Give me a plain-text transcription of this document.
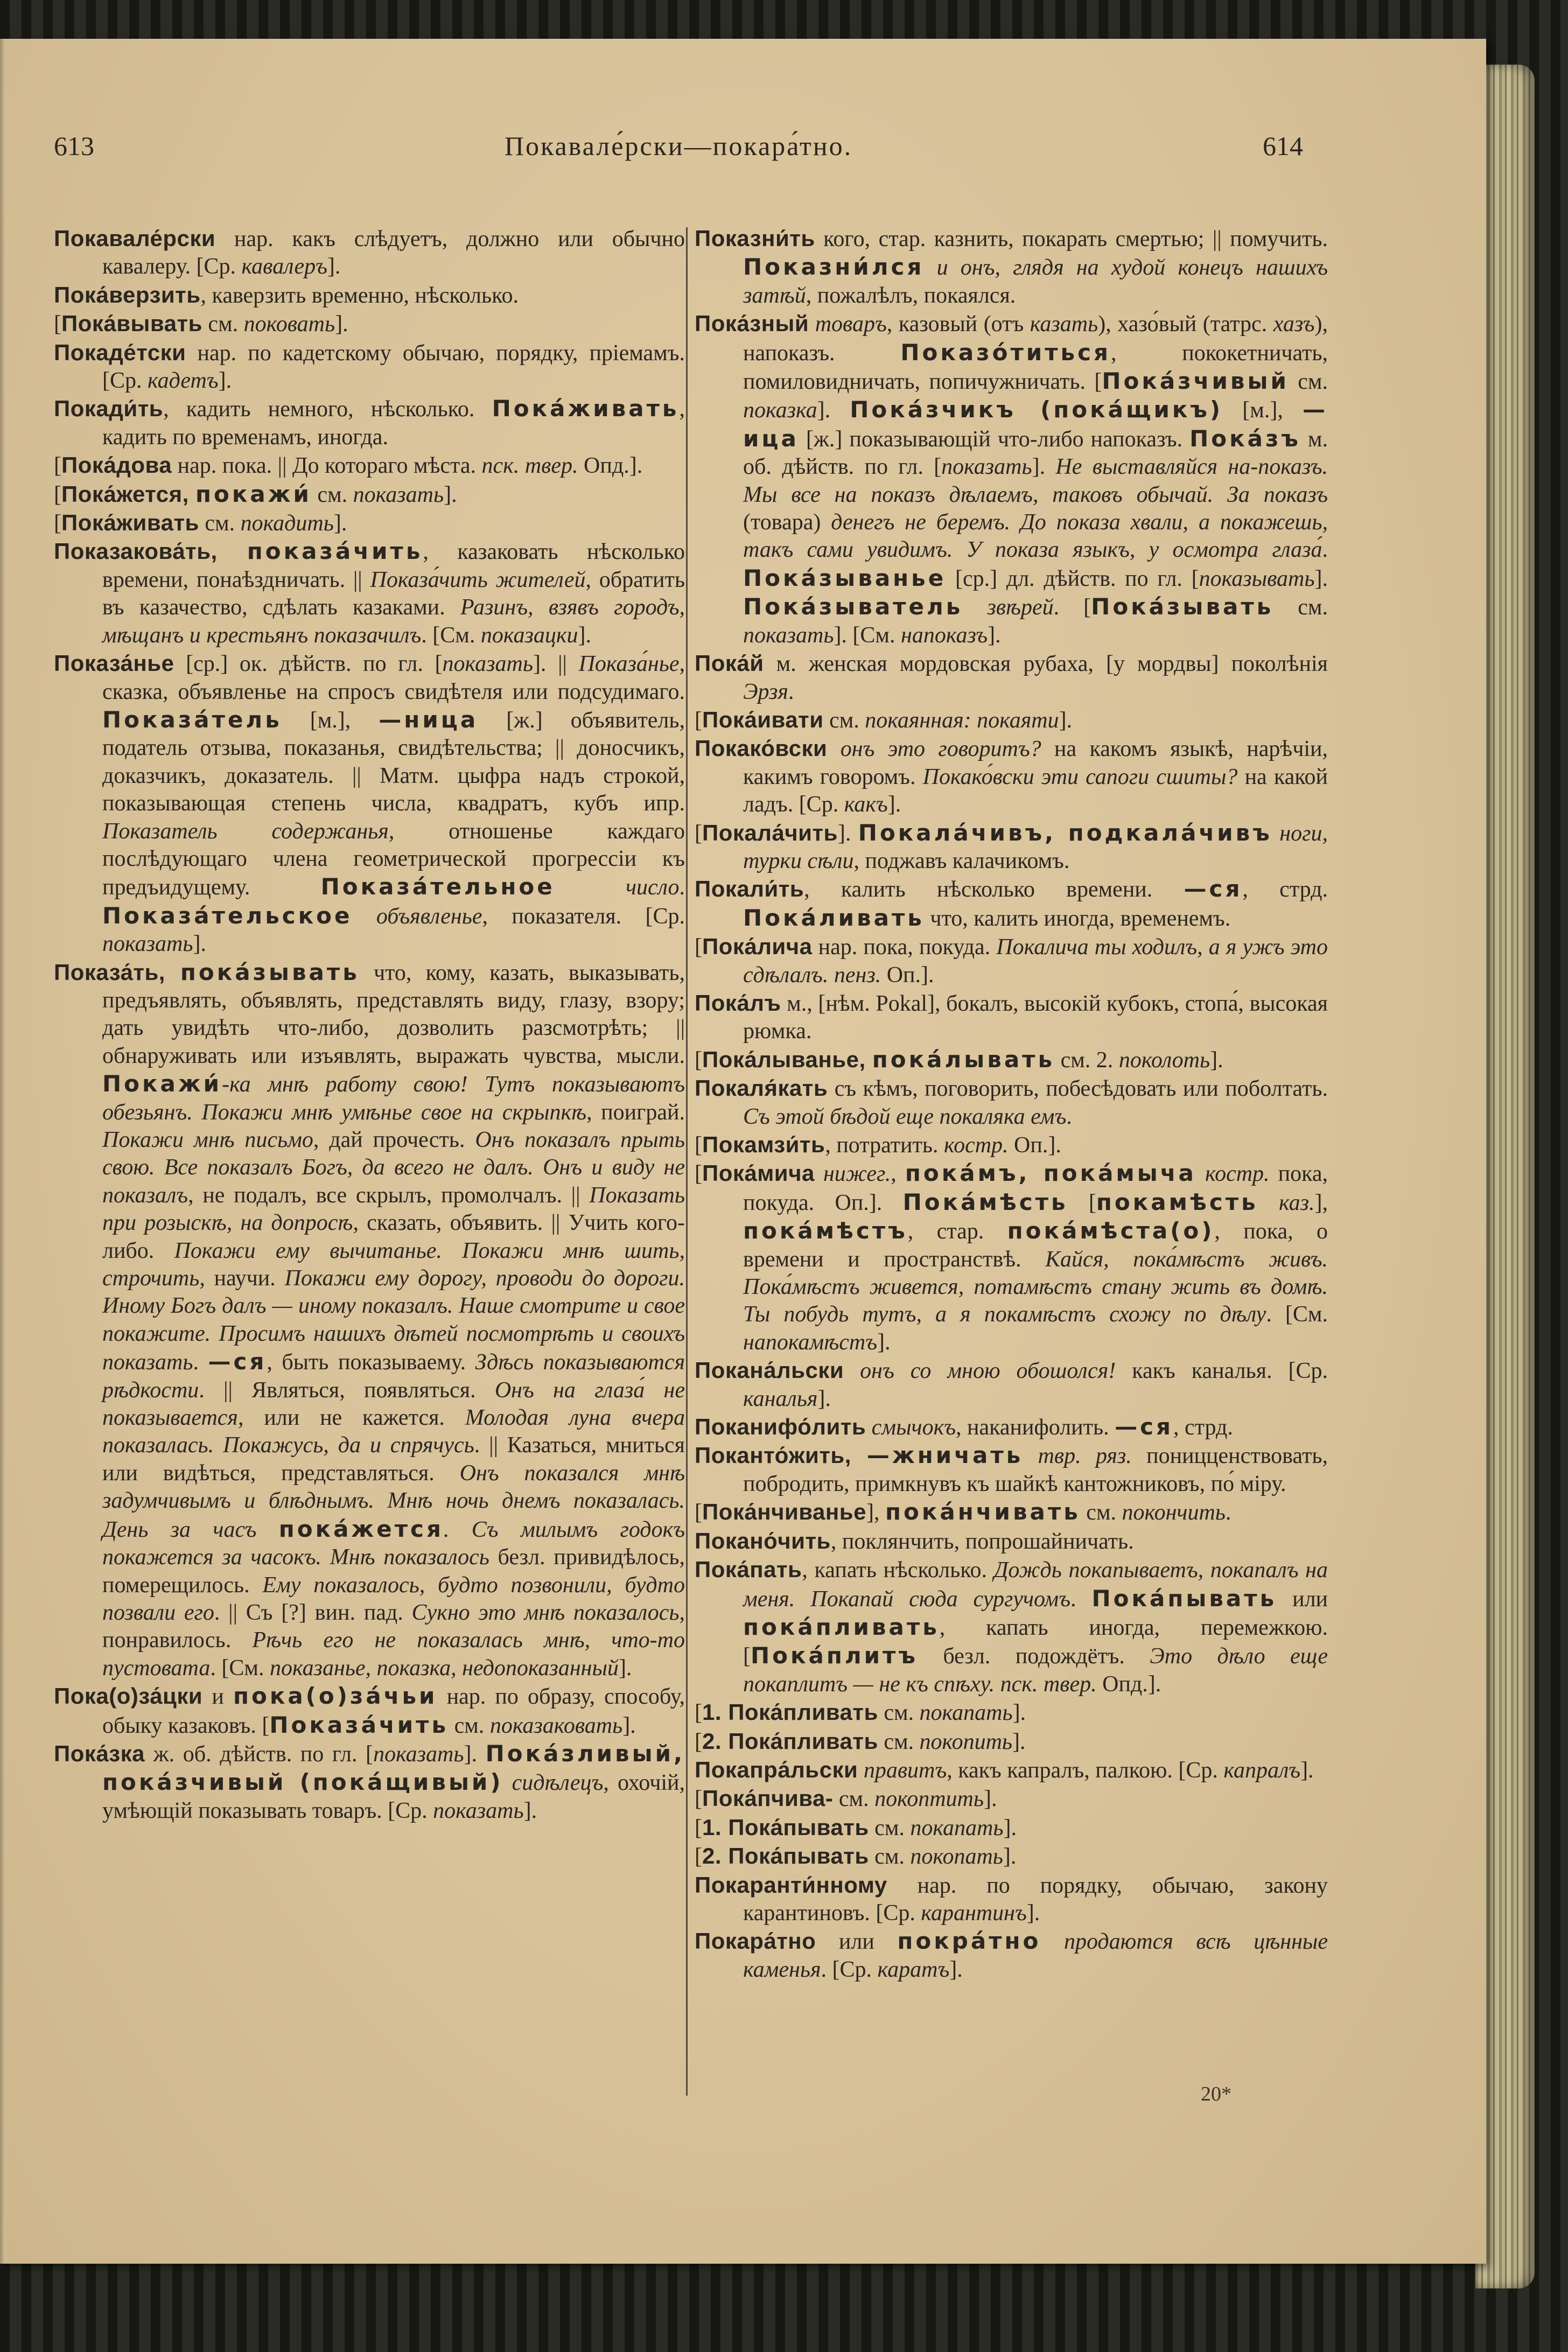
613	Покавале́рски—покара́тно.	614

Покавале́рски нар. какъ слѣдуетъ, должно или обычно кавалеру. [Ср. кавалеръ].

Пока́верзить, каверзить временно, нѣсколько.

[Пока́вывать см. поковать].

Покаде́тски нар. по кадетскому обычаю, порядку, пріемамъ. [Ср. кадетъ].

Покади́ть, кадить немного, нѣсколько. Пока́живать, кадить по временамъ, иногда.

[Пока́дова нар. пока. || До котораго мѣста. пск. твер. Опд.].

[Пока́жется, покажи́ см. показать].

[Пока́живать см. покадить].

Показакова́ть, показа́чить, казаковать нѣсколько времени, понаѣздничать. || Показа́чить жителей, обратить въ казачество, сдѣлать казаками. Разинъ, взявъ городъ, мѣщанъ и крестьянъ показачилъ. [См. показацки].

Показа́нье [ср.] ок. дѣйств. по гл. [показать]. || Показа́нье, сказка, объявленье на спросъ свидѣтеля или подсудимаго. Показа́тель [м.], —ница [ж.] объявитель, податель отзыва, показанья, свидѣтельства; || доносчикъ, доказчикъ, доказатель. || Матм. цыфра надъ строкой, показывающая степень числа, квадратъ, кубъ ипр. Показатель содержанья, отношенье каждаго послѣдующаго члена геометрической прогрессіи къ предъидущему. Показа́тельное	число. Показа́тельское объявленье, показателя. [Ср. показать].

Показа́ть, пока́зывать что, кому, казать, выказывать, предъявлять, объявлять, представлять виду, глазу, взору; дать увидѣть что-либо, дозволить разсмотрѣть; || обнаруживать или изъявлять, выражать чувства, мысли. Покажи́-ка мнѣ работу свою! Тутъ показываютъ обезьянъ. Покажи мнѣ умѣнье свое на скрыпкѣ, поиграй. Покажи мнѣ письмо, дай прочесть. Онъ показалъ прыть свою. Все показалъ Богъ, да всего не далъ. Онъ и виду не показалъ, не подалъ, все скрылъ, промолчалъ. || Показать при розыскѣ, на допросѣ, сказать, объявить. || Учить кого-либо. Покажи ему вычитанье. Покажи мнѣ шить, строчить, научи. Покажи ему дорогу, проводи до дороги. Иному Богъ далъ — иному показалъ. Наше смотрите и свое покажите. Просимъ нашихъ дѣтей посмотрѣть и своихъ показать. —ся, быть показываему. Здѣсь показываются рѣдкости. || Являться, появляться. Онъ на глаза́ не показывается, или не кажется. Молодая луна вчера показалась. Покажусь, да и спрячусь. || Казаться, мниться или видѣться, представляться. Онъ показался мнѣ задумчивымъ и блѣднымъ. Мнѣ ночь днемъ показалась. День за часъ пока́жется. Съ милымъ годокъ покажется за часокъ. Мнѣ показалось безл. привидѣлось, померещилось. Ему показалось, будто позвонили, будто позвали его. || Съ [?] вин. пад. Сукно это мнѣ показалось, понравилось. Рѣчь его не показалась мнѣ, что-то пустовата. [См. показанье, показка, недопоказанный].

Пока(о)за́цки и пока(о)за́чьи нар. по образу, способу, обыку казаковъ. [Показа́чить см. показаковать].

Пока́зка ж. об. дѣйств. по гл. [показать]. Пока́зливый, пока́зчивый (пока́щивый) сидѣлецъ, охочій, умѣющій показывать товаръ. [Ср. показать].

Показни́ть кого, стар. казнить, покарать смертью; || помучить. Показни́лся и онъ, глядя на худой конецъ нашихъ затѣй, пожалѣлъ, покаялся.

Пока́зный товаръ, казовый (отъ казать), хазо́вый (татрс. хазъ), напоказъ. Показо́титься, пококетничать, помиловидничать, попичужничать. [Пока́зчивый см. показка]. Пока́зчикъ (пока́щикъ) [м.], —ица [ж.] показывающій что-либо напоказъ. Пока́зъ м. об. дѣйств. по гл. [показать]. Не выставляйся на-показъ. Мы все на показъ дѣлаемъ, таковъ обычай. За показъ (товара) денегъ не беремъ. До показа хвали, а покажешь, такъ сами увидимъ. У показа языкъ, у осмотра глаза́. Пока́зыванье [ср.] дл. дѣйств. по гл. [показывать]. Пока́зыватель звѣрей. [Пока́зывать см. показать]. [См. напоказъ].

Пока́й м. женская мордовская рубаха, [у мордвы] поколѣнія Эрзя.

[Пока́ивати см. покаянная: покаяти].

Покако́вски онъ это говоритъ? на какомъ языкѣ, нарѣчіи, какимъ говоромъ. Покако́вски эти сапоги сшиты? на какой ладъ. [Ср. какъ].

[Покала́чить]. Покала́чивъ, подкала́чивъ ноги, турки сѣли, поджавъ калачикомъ.

Покали́ть, калить нѣсколько времени. —ся, стрд. Пока́ливать что, калить иногда, временемъ.

[Пока́лича нар. пока, покуда. Покалича ты ходилъ, а я ужъ это сдѣлалъ. пенз. Оп.].

Пока́лъ м., [нѣм. Pokal], бокалъ, высокій кубокъ, стопа́, высокая рюмка.

[Пока́лыванье, пока́лывать см. 2. поколоть].

Покаля́кать съ кѣмъ, поговорить, побесѣдовать или поболтать. Съ этой бѣдой еще покаляка емъ.

[Покамзи́ть, потратить. костр. Оп.].

[Пока́мича нижег., пока́мъ, пока́мыча костр. пока, покуда. Оп.]. Пока́мѣсть [покамѣсть каз.], пока́мѣстъ, стар. пока́мѣста(о), пока, о времени и пространствѣ. Кайся, пока́мѣстъ живъ. Пока́мѣстъ живется, потамѣстъ стану жить въ домѣ. Ты побудь тутъ, а я покамѣстъ схожу по дѣлу. [См. напокамѣстъ].

Покана́льски онъ со мною обошолся! какъ каналья. [Ср. каналья].

Поканифо́лить смычокъ, наканифолить. —ся, стрд.

Поканто́жить, —жничать твр. ряз. поницценствовать, побродить, примкнувъ къ шайкѣ кантожниковъ, по́ міру.

[Пока́нчиванье], пока́нчивать см. покончить.

Покано́чить, поклянчить, попрошайничать.

Пока́пать, капать нѣсколько. Дождь покапываетъ, покапалъ на меня. Покапай сюда сургучомъ. Пока́пывать или пока́пливать, капать иногда, перемежкою. [Пока́плитъ безл. подождётъ. Это дѣло еще покаплитъ — не къ спѣху. пск. твер. Опд.].

[1. Пока́пливать см. покапать].

[2. Пока́пливать см. покопить].

Покапра́льски правитъ, какъ капралъ, палкою. [Ср. капралъ].

[Пока́пчива- см. покоптить].

[1. Пока́пывать см. покапать].

[2. Пока́пывать см. покопать].

Покаранти́нному нар. по порядку, обычаю, закону карантиновъ. [Ср. карантинъ].

Покара́тно или покра́тно продаются всѣ цѣнные каменья. [Ср. каратъ].

20*
